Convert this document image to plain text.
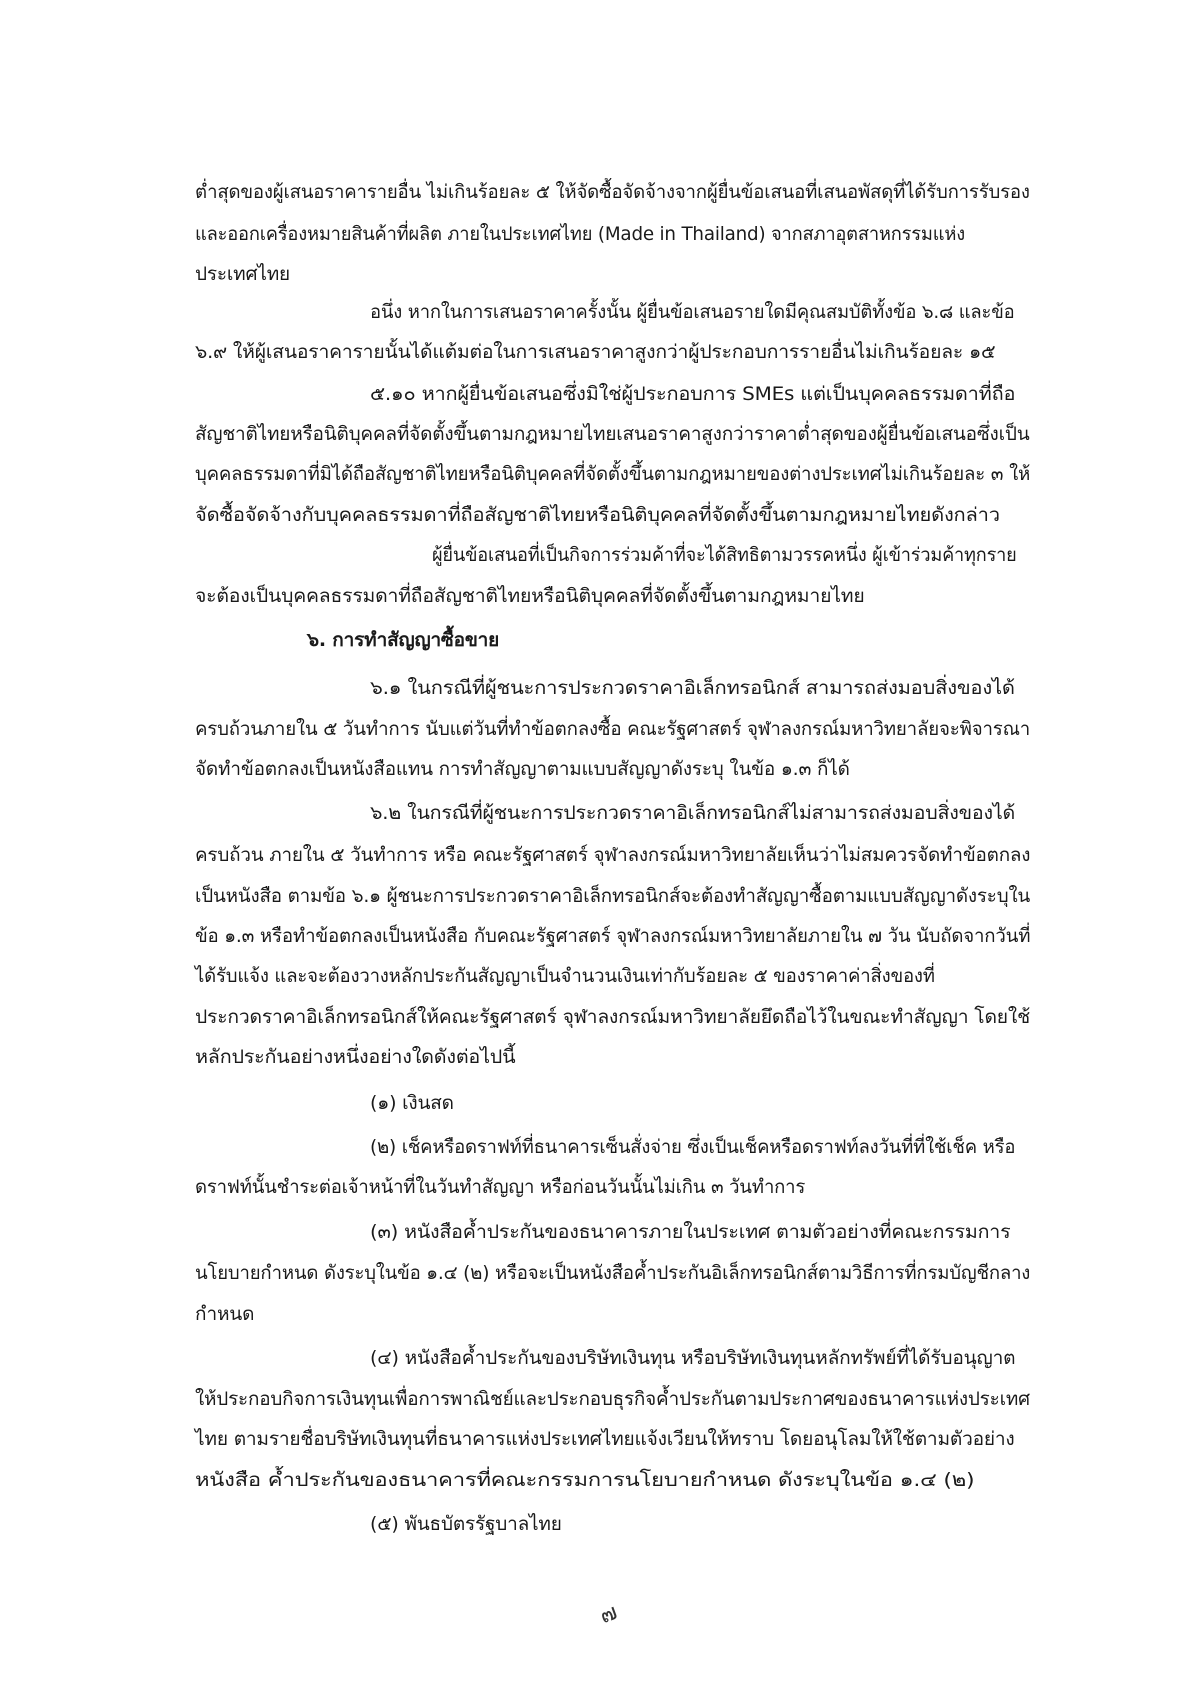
ต่ำสุดของผู้เสนอราคารายอื่น ไม่เกินร้อยละ ๕ ให้จัดซื้อจัดจ้างจากผู้ยื่นข้อเสนอที่เสนอพัสดุที่ได้รับการรับรอง
และออกเครื่องหมายสินค้าที่ผลิต ภายในประเทศไทย (Made in Thailand) จากสภาอุตสาหกรรมแห่ง
ประเทศไทย
อนึ่ง หากในการเสนอราคาครั้งนั้น ผู้ยื่นข้อเสนอรายใดมีคุณสมบัติทั้งข้อ ๖.๘ และข้อ
๖.๙ ให้ผู้เสนอราคารายนั้นได้แต้มต่อในการเสนอราคาสูงกว่าผู้ประกอบการรายอื่นไม่เกินร้อยละ ๑๕
๕.๑๐ หากผู้ยื่นข้อเสนอซึ่งมิใช่ผู้ประกอบการ SMEs แต่เป็นบุคคลธรรมดาที่ถือ
สัญชาติไทยหรือนิติบุคคลที่จัดตั้งขึ้นตามกฎหมายไทยเสนอราคาสูงกว่าราคาต่ำสุดของผู้ยื่นข้อเสนอซึ่งเป็น
บุคคลธรรมดาที่มิได้ถือสัญชาติไทยหรือนิติบุคคลที่จัดตั้งขึ้นตามกฎหมายของต่างประเทศไม่เกินร้อยละ ๓ ให้
จัดซื้อจัดจ้างกับบุคคลธรรมดาที่ถือสัญชาติไทยหรือนิติบุคคลที่จัดตั้งขึ้นตามกฎหมายไทยดังกล่าว
ผู้ยื่นข้อเสนอที่เป็นกิจการร่วมค้าที่จะได้สิทธิตามวรรคหนึ่ง ผู้เข้าร่วมค้าทุกราย
จะต้องเป็นบุคคลธรรมดาที่ถือสัญชาติไทยหรือนิติบุคคลที่จัดตั้งขึ้นตามกฎหมายไทย
๖. การทำสัญญาซื้อขาย
๖.๑ ในกรณีที่ผู้ชนะการประกวดราคาอิเล็กทรอนิกส์ สามารถส่งมอบสิ่งของได้
ครบถ้วนภายใน ๕ วันทำการ นับแต่วันที่ทำข้อตกลงซื้อ คณะรัฐศาสตร์ จุฬาลงกรณ์มหาวิทยาลัยจะพิจารณา
จัดทำข้อตกลงเป็นหนังสือแทน การทำสัญญาตามแบบสัญญาดังระบุ ในข้อ ๑.๓ ก็ได้
๖.๒ ในกรณีที่ผู้ชนะการประกวดราคาอิเล็กทรอนิกส์ไม่สามารถส่งมอบสิ่งของได้
ครบถ้วน ภายใน ๕ วันทำการ หรือ คณะรัฐศาสตร์ จุฬาลงกรณ์มหาวิทยาลัยเห็นว่าไม่สมควรจัดทำข้อตกลง
เป็นหนังสือ ตามข้อ ๖.๑ ผู้ชนะการประกวดราคาอิเล็กทรอนิกส์จะต้องทำสัญญาซื้อตามแบบสัญญาดังระบุใน
ข้อ ๑.๓ หรือทำข้อตกลงเป็นหนังสือ กับคณะรัฐศาสตร์ จุฬาลงกรณ์มหาวิทยาลัยภายใน ๗ วัน นับถัดจากวันที่
ได้รับแจ้ง และจะต้องวางหลักประกันสัญญาเป็นจำนวนเงินเท่ากับร้อยละ ๕ ของราคาค่าสิ่งของที่
ประกวดราคาอิเล็กทรอนิกส์ให้คณะรัฐศาสตร์ จุฬาลงกรณ์มหาวิทยาลัยยึดถือไว้ในขณะทำสัญญา โดยใช้
หลักประกันอย่างหนึ่งอย่างใดดังต่อไปนี้
(๑) เงินสด
(๒) เช็คหรือดราฟท์ที่ธนาคารเซ็นสั่งจ่าย ซึ่งเป็นเช็คหรือดราฟท์ลงวันที่ที่ใช้เช็ค หรือ
ดราฟท์นั้นชำระต่อเจ้าหน้าที่ในวันทำสัญญา หรือก่อนวันนั้นไม่เกิน ๓ วันทำการ
(๓) หนังสือค้ำประกันของธนาคารภายในประเทศ ตามตัวอย่างที่คณะกรรมการ
นโยบายกำหนด ดังระบุในข้อ ๑.๔ (๒) หรือจะเป็นหนังสือค้ำประกันอิเล็กทรอนิกส์ตามวิธีการที่กรมบัญชีกลาง
กำหนด
(๔) หนังสือค้ำประกันของบริษัทเงินทุน หรือบริษัทเงินทุนหลักทรัพย์ที่ได้รับอนุญาต
ให้ประกอบกิจการเงินทุนเพื่อการพาณิชย์และประกอบธุรกิจค้ำประกันตามประกาศของธนาคารแห่งประเทศ
ไทย ตามรายชื่อบริษัทเงินทุนที่ธนาคารแห่งประเทศไทยแจ้งเวียนให้ทราบ โดยอนุโลมให้ใช้ตามตัวอย่าง
หนังสือ ค้ำประกันของธนาคารที่คณะกรรมการนโยบายกำหนด ดังระบุในข้อ ๑.๔ (๒)
(๕) พันธบัตรรัฐบาลไทย
๗
